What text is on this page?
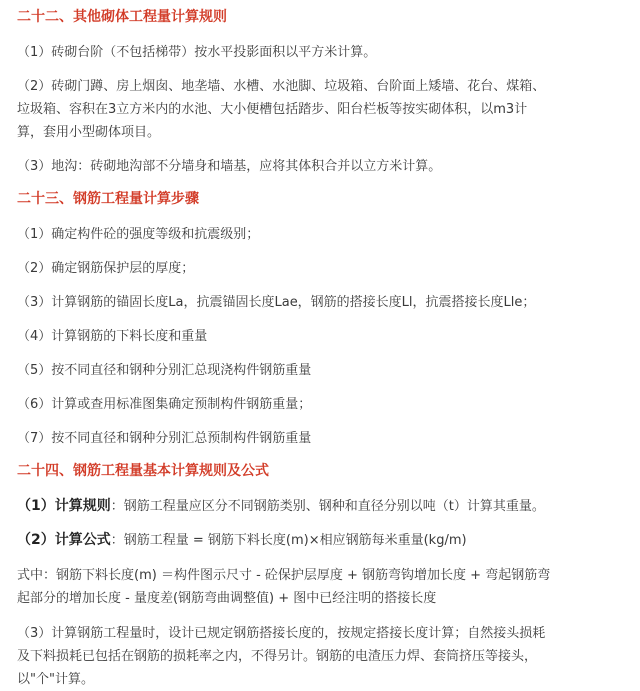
二十二、其他砌体工程量计算规则
（1）砖砌台阶（不包括梯带）按水平投影面积以平方米计算。
（2）砖砌门蹲、房上烟囱、地垄墙、水槽、水池脚、垃圾箱、台阶面上矮墙、花台、煤箱、
垃圾箱、容积在3立方米内的水池、大小便槽包括踏步、阳台栏板等按实砌体积，以m3计
算，套用小型砌体项目。
（3）地沟：砖砌地沟部不分墙身和墙基，应将其体积合并以立方米计算。
二十三、钢筋工程量计算步骤
（1）确定构件砼的强度等级和抗震级别；
（2）确定钢筋保护层的厚度；
（3）计算钢筋的锚固长度La，抗震锚固长度Lae，钢筋的搭接长度Ll，抗震搭接长度Lle；
（4）计算钢筋的下料长度和重量
（5）按不同直径和钢种分别汇总现浇构件钢筋重量
（6）计算或查用标准图集确定预制构件钢筋重量；
（7）按不同直径和钢种分别汇总预制构件钢筋重量
二十四、钢筋工程量基本计算规则及公式
（1）计算规则：钢筋工程量应区分不同钢筋类别、钢种和直径分别以吨（t）计算其重量。
（2）计算公式：钢筋工程量 = 钢筋下料长度(m)×相应钢筋每米重量(kg/m)
式中：钢筋下料长度(m) ＝构件图示尺寸 - 砼保护层厚度 + 钢筋弯钩增加长度 + 弯起钢筋弯
起部分的增加长度 - 量度差(钢筋弯曲调整值) + 图中已经注明的搭接长度
（3）计算钢筋工程量时，设计已规定钢筋搭接长度的，按规定搭接长度计算；自然接头损耗
及下料损耗已包括在钢筋的损耗率之内，不得另计。钢筋的电渣压力焊、套筒挤压等接头，
以"个"计算。
